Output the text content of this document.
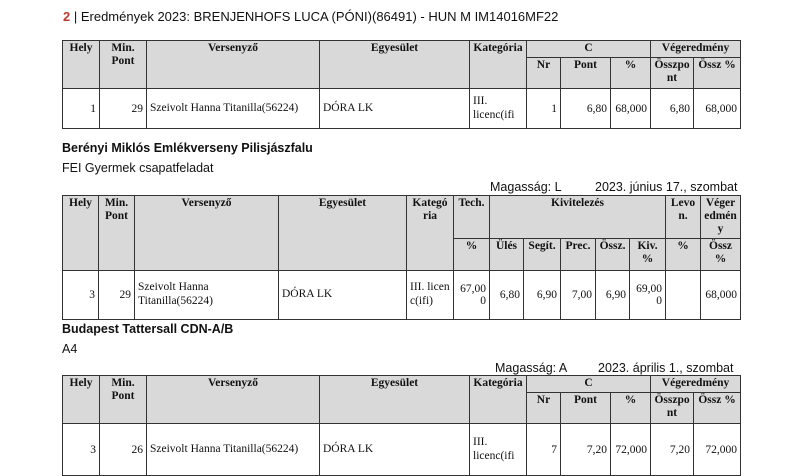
2 | Eredmények 2023: BRENJENHOFS LUCA (PÓNI)(86491) - HUN M IM14016MF22
Hely	Min. Pont	Versenyző	Egyesület	Kategória	C			Végeredmény	
					Nr	Pont	%	Összpont	Össz %
1	29	Szeivolt Hanna Titanilla(56224)	DÓRA LK	III. licenc(ifi	1	6,80	68,000	6,80	68,000
Berényi Miklós Emlékverseny Pilisjászfalu
FEI Gyermek csapatfeladat
Magasság: L	2023. június 17., szombat
Hely	Min. Pont	Versenyző	Egyesület	Kategória	Tech.	Kivitelezés					Levon.	Végeredmény
					%	Ülés	Segít.	Prec.	Össz.	Kiv. %	%	Össz %
3	29	Szeivolt Hanna Titanilla(56224)	DÓRA LK	III. licenc(ifi)	67,000	6,80	6,90	7,00	6,90	69,000		68,000
Budapest Tattersall CDN-A/B
A4
Magasság: A 2023. április 1., szombat
Hely	Min. Pont	Versenyző	Egyesület	Kategória	C			Végeredmény	
					Nr	Pont	%	Összpont	Össz %
3	26	Szeivolt Hanna Titanilla(56224)	DÓRA LK	III. licenc(ifi	7	7,20	72,000	7,20	72,000
